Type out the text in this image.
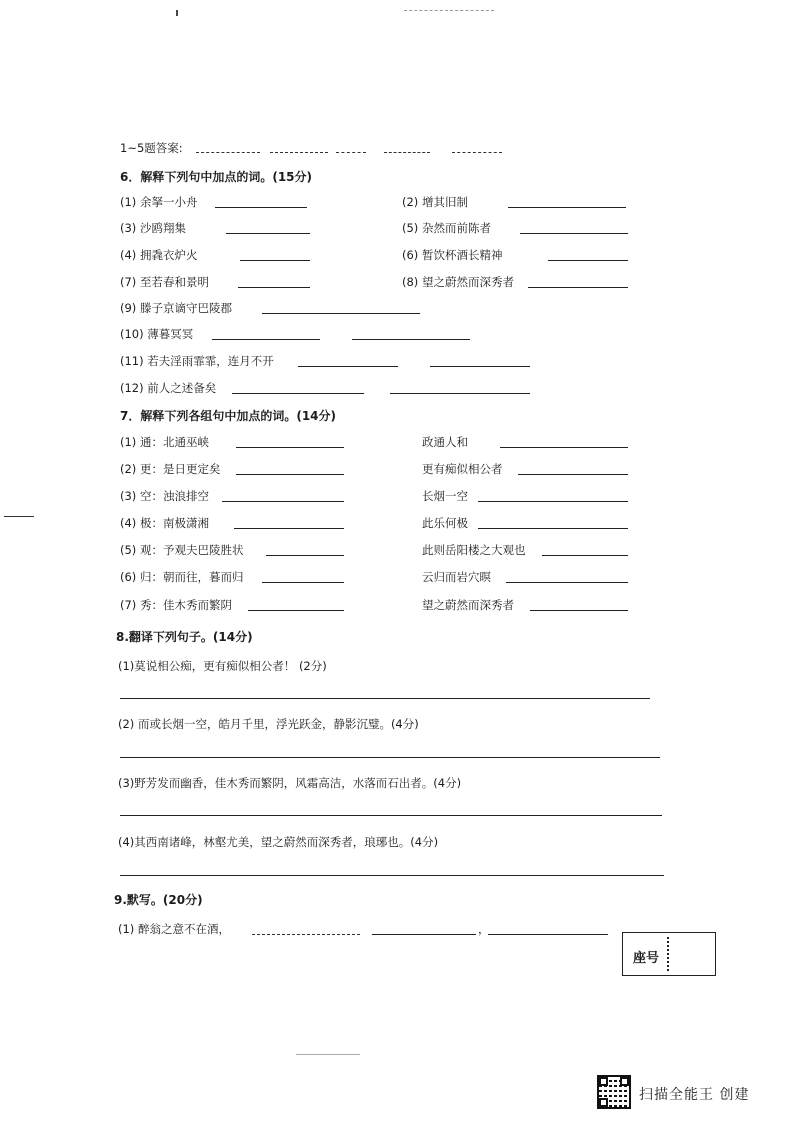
1~5题答案:
6．解释下列句中加点的词。(15分)
(1) 余拏一小舟	(2) 增其旧制
(3) 沙鸥翔集	(5) 杂然而前陈者
(4) 拥毳衣炉火	(6) 暂饮杯酒长精神
(7) 至若春和景明	(8) 望之蔚然而深秀者
(9) 滕子京谪守巴陵郡
(10) 薄暮冥冥
(11) 若夫淫雨霏霏，连月不开
(12) 前人之述备矣
7．解释下列各组句中加点的词。(14分)
(1) 通：北通巫峡	政通人和
(2) 更：是日更定矣	更有痴似相公者
(3) 空：浊浪排空	长烟一空
(4) 极：南极潇湘	此乐何极
(5) 观：予观夫巴陵胜状	此则岳阳楼之大观也
(6) 归：朝而往，暮而归	云归而岩穴暝
(7) 秀：佳木秀而繁阴	望之蔚然而深秀者
8.翻译下列句子。(14分)
(1)莫说相公痴，更有痴似相公者！ (2分)
(2) 而或长烟一空，皓月千里，浮光跃金，静影沉璧。(4分)
(3)野芳发而幽香，佳木秀而繁阴，风霜高洁，水落而石出者。(4分)
(4)其西南诸峰，林壑尤美，望之蔚然而深秀者，琅琊也。(4分)
9.默写。(20分)
(1) 醉翁之意不在酒，	，
座号
扫描全能王 创建
